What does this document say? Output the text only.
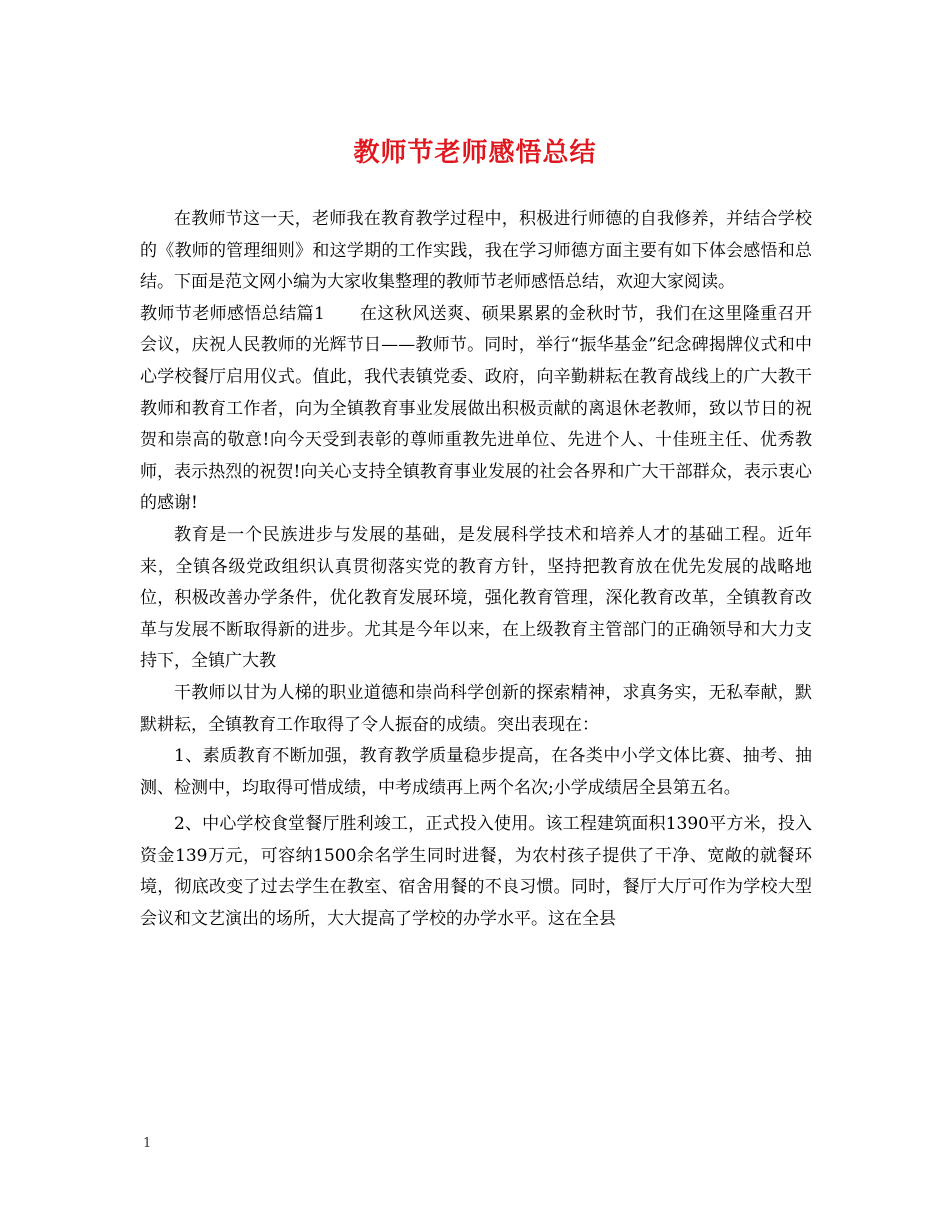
教师节老师感悟总结

在教师节这一天，老师我在教育教学过程中，积极进行师德的自我修养，并结合学校的《教师的管理细则》和这学期的工作实践，我在学习师德方面主要有如下体会感悟和总结。下面是范文网小编为大家收集整理的教师节老师感悟总结，欢迎大家阅读。

教师节老师感悟总结篇1　　在这秋风送爽、硕果累累的金秋时节，我们在这里隆重召开会议，庆祝人民教师的光辉节日——教师节。同时，举行“振华基金”纪念碑揭牌仪式和中心学校餐厅启用仪式。值此，我代表镇党委、政府，向辛勤耕耘在教育战线上的广大教干教师和教育工作者，向为全镇教育事业发展做出积极贡献的离退休老教师，致以节日的祝贺和崇高的敬意!向今天受到表彰的尊师重教先进单位、先进个人、十佳班主任、优秀教师，表示热烈的祝贺!向关心支持全镇教育事业发展的社会各界和广大干部群众，表示衷心的感谢!

教育是一个民族进步与发展的基础，是发展科学技术和培养人才的基础工程。近年来，全镇各级党政组织认真贯彻落实党的教育方针，坚持把教育放在优先发展的战略地位，积极改善办学条件，优化教育发展环境，强化教育管理，深化教育改革，全镇教育改革与发展不断取得新的进步。尤其是今年以来，在上级教育主管部门的正确领导和大力支持下，全镇广大教

干教师以甘为人梯的职业道德和崇尚科学创新的探索精神，求真务实，无私奉献，默默耕耘，全镇教育工作取得了令人振奋的成绩。突出表现在：

1、素质教育不断加强，教育教学质量稳步提高，在各类中小学文体比赛、抽考、抽测、检测中，均取得可惜成绩，中考成绩再上两个名次;小学成绩居全县第五名。

2、中心学校食堂餐厅胜利竣工，正式投入使用。该工程建筑面积1390平方米，投入资金139万元，可容纳1500余名学生同时进餐，为农村孩子提供了干净、宽敞的就餐环境，彻底改变了过去学生在教室、宿舍用餐的不良习惯。同时，餐厅大厅可作为学校大型会议和文艺演出的场所，大大提高了学校的办学水平。这在全县

1
